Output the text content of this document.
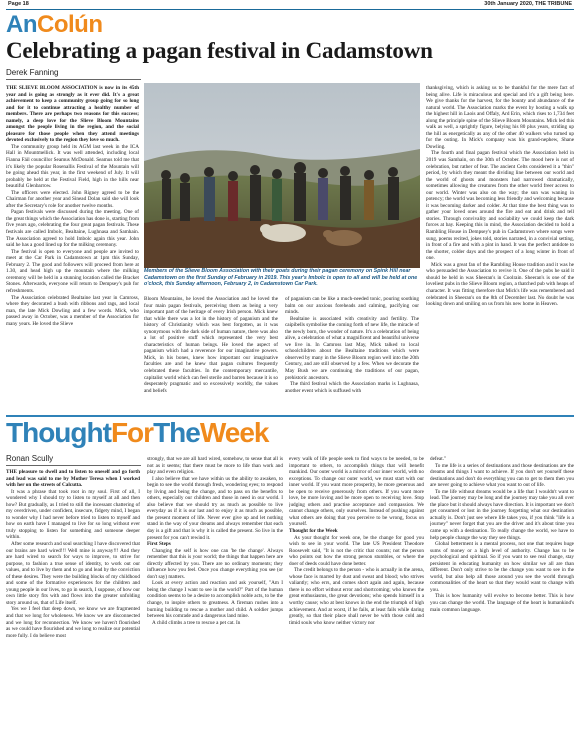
Page 18	30th January 2020, THE TRIBUNE
AnColún
Celebrating a pagan festival in Cadamstown
Derek Fanning

THE SLIEVE BLOOM ASSOCIATION is now in its 45th year and is going as strongly as it ever did. It's a great achievement to keep a community group going for so long and for it to continue attracting a healthy number of members. There are perhaps two reasons for this success; namely, a deep love for the Slieve Bloom Mountains amongst the people living in the region, and the social pleasure for those people when they attend meetings devoted exclusively to the region they love so much.

The community group held its AGM last week in the ICA Hall in Mountmellick. It was well attended, including local Fianna Fáil councillor Seamus McDonald. Seamus told me that it's likely the popular Rosenallis Festival of the Mountain will be going ahead this year, in the first weekend of July. It will probably be held at the Festival Field, high in the hills near beautiful Glenbarrow.

The officers were elected. John Rigney agreed to be the Chairman for another year and Sinead Dolan said she will look after the Secretary's role for another twelve months.

Pagan festivals were discussed during the meeting. One of the great things which the Association has done is, starting from five years ago, celebrating the four great pagan festivals. These festivals are called Imbolc, Bealtaine, Lughnasa and Samhain. The Association agreed to hold Imbolc again this year. John said he has a good lined up for the milking ceremony.

The festival is open to everyone and people are invited to meet at the Car Park in Cadamstown at 1pm this Sunday, February 2. The good and followers will proceed from here at 1.30, and head high up the mountain where the milking ceremony will be held in a stunning location called the Bracket Stones. Afterwards, everyone will return to Dempsey's pub for refreshments.

The Association celebrated Bealtaine last year in Camross, where they decorated a bush with ribbons and rags, and local man, the late Mick Dowling and a few words. Mick, who passed away in October, was a member of the Association for many years. He loved the Slieve

Members of the Slieve Bloom Association with their goats during their pagan ceremony on Spink Hill near Cadamstown on the first Sunday of February in 2019. This year's Imbolc is open to all and will be held at one o'clock, this Sunday afternoon, February 2, in Cadamstown Car Park.

Bloom Mountains, he loved the Association and he loved the four main pagan festivals, perceiving them as being a very important part of the heritage of every Irish person. Mick knew that while there was a lot in the history of paganism and the history of Christianity which was best forgotten, as it was synonymous with the dark side of human nature, there was also a lot of positive stuff which represented the very best characteristics of human beings. He loved the aspect of paganism which had a reverence for our imaginative powers. Mick, in his bones, knew how important our imaginative faculties are and he knew that pagan cultures frequently celebrated these faculties. In the contemporary mercantile, capitalist world which can feel sterile and barren because it is so desperately pragmatic and so excessively worldly, the values and beliefs

of paganism can be like a much-needed tonic, pouring soothing balm on our anxious foreheads and calming, pacifying our minds.

Bealtaine is associated with creativity and fertility. The caipibells symbolise the coming forth of new life, the miracle of the newly born, the wonder of nature. It's a celebration of being alive, a celebration of what a magnificent and beautiful universe we live in. In Camross last May, Mick talked to local schoolchildren about the Bealtaine traditions which were observed by many in the Slieve Bloom region well into the 20th Century, and are still observed by a few. When we decorate the May Bush we are continuing the traditions of our pagan, prehistoric ancestors.

The third festival which the Association marks is Lughnasa, another event which is suffused with

thanksgiving, which is asking us to be thankful for the mere fact of being alive. Life is miraculous and special and it's a gift being here. We give thanks for the harvest, for the bounty and abundance of the natural world. The Association marks the event by hosting a walk up the highest hill in Laois and Offaly, Ard Erin, which rises to 1,734 feet along the principle spine of the Slieve Bloom Mountains. Mick led this walk as well, a sprightly figure, belying his 80 plus years, striding up the hill as energetically as any of the other 40 walkers who turned up for the outing. In Mick's company was his grand-nephew, Shane Dowling.

The fourth and final pagan festival which the Association held in 2019 was Samhain, on the 30th of October. The mood here is not of celebration, but rather of fear. The ancient Celts considered it a "thin" period, by which they meant the dividing line between our world and the world of ghosts and monsters had narrowed dramatically, sometimes allowing the creatures from the other world freer access to our world. Winter was also on the way; the sun was waning in potency; the world was becoming less friendly and welcoming because it was becoming darker and colder. At that time the best thing was to gather your loved ones around the fire and eat and drink and tell stories. Through convivality and sociability we could keep the dark forces at bay. Keeping this in mind, the Association decided to hold a Rambling House in Dempsey's pub in Cadamstown where songs were sung, poems recited, jokes told, stories narrated, in a convivial setting, in front of a fire and with a pint in hand. It was the perfect antidote to the shorter, colder days and the prospect of a long winter in front of one.

Mick was a great fan of the Rambling House tradition and it was he who persuaded the Association to revive it. One of the pubs he said it should be held in was Sheeran's in Coolrain. Sheeran's is one of the loveliest pubs in the Slieve Bloom region, a thatched pub with heaps of character. It was fitting therefore that Mick's life was remembered and celebrated in Sheeran's on the 8th of December last. No doubt he was looking down and smiling on us from his new home in Heaven.

ThoughtForTheWeek
Ronan Scully

THE pleasure to dwell and to listen to oneself and go forth and lead was said to me by Mother Teresa when I worked with her on the streets of Calcutta.

It was a phrase that took root in my soul. First of all, I wondered why I should try to listen to myself at all and then how? But gradually, as I tried to still the incessant chattering of my overdriven, under confident, insecure, fidgety mind, I began to wonder why I had never before tried to listen to myself and how on earth have I managed to live for so long without ever truly stopping to listen for something and someone deeper within.

After some research and soul searching I have discovered that our brains are hard wired!!! Well mine is anyway!!! And they are hard wired to search for ways to improve, to strive for purpose, to fashion a true sense of identity, to work out our values, and to live by them and to go and lead by the conviction of these desires. They were the building blocks of my childhood and some of the formative experiences for the children and young people in our lives, to go in search, I suppose, of how our own little story fits with and flows into the greater unfolding story around us, that of Life itself.

Yes we I feel that deep down, we know we are fragmented and that we long for wholeness. We know we are disconnected and we long for reconnection. We know we haven't flourished as we could have flourished and we long to realize our potential more fully. I do believe most

strongly, that we are all hard wired, somehow, to sense that all is not as it seems; that there must be more to life than work and play and even religion.

I also believe that we have within us the ability to awaken, to begin to see the world through fresh, wondering eyes; to respond by living and being the change, and to pass on the benefits to others, especially our children and those in need in our world. I also believe that we should try as much as possible to live everyday as if it is our last and to enjoy it as much as possible, the present moment of life. Never ever give up and let nothing stand in the way of your dreams and always remember that each day is a gift and that is why it is called the present. So live in the present for you can't rewind it.

First Steps

Changing the self is how one can 'be the change'. Always remember that this is your world; the things that happen here are directly affected by you. There are no ordinary moments; they influence how you feel. Once you change everything you see (or don't say) matters.

Look at every action and reaction and ask yourself, "Am I being the change I want to see in the world?" Part of the human condition seems to be a desire to accomplish noble acts, to be the change, to inspire others to greatness. A fireman rushes into a burning building to rescue a mother and child. A soldier jumps between his comrade and a dangerous land mine.

A child climbs a tree to rescue a pet cat. In

every walk of life people seek to find ways to be needed, to be important to others, to accomplish things that will benefit mankind. Our outer world is a mirror of our inner world, with no exceptions. To change our outer world, we must start with our inner world. If you want more prosperity, be more generous and be open to receive generously from others. If you want more love, be more loving and be more open to receiving love. Stop judging others and practise acceptance and compassion. We cannot change others, only ourselves. Instead of pushing against what others are doing that you perceive to be wrong, focus on yourself.

Thought for the Week

As your thought for week one, be the change for good you wish to see in your world. The late US President Theodore Roosevelt said, "It is not the critic that counts; not the person who points out how the strong person stumbles, or where the doer of deeds could have done better.

The credit belongs to the person - who is actually in the arena, whose face is marred by dust and sweat and blood; who strives valiantly; who errs, and comes short again and again, because there is no effort without error and shortcoming; who knows the great enthusiasms, the great devotions; who spends himself in a worthy cause; who at best knows in the end the triumph of high achievement. And at worst, if he fails, at least fails while daring greatly, so that their place shall never be with those cold and timid souls who know neither victory nor

defeat."

To me life is a series of destinations and those destinations are the dreams and things I want to achieve. If you don't set yourself these destinations and don't do everything you can to get to them then you are never going to achieve what you want to out of life.

To me life without dreams would be a life that I wouldn't want to lead. The journey may be long and the journey may take you all over the place but it should always have direction. It is important we don't get consumed or lost in the journey forgetting what our destination actually is. Don't just see where life takes you, if you think "life is a journey" never forget that you are the driver and it's about time you came up with a destination. To really change the world, we have to help people change the way they see things.

Global betterment is a mental process, not one that requires huge sums of money or a high level of authority. Change has to be psychological and spiritual. So if you want to see real change, stay persistent in educating humanity on how similar we all are than different. Don't only strive to be the change you want to see in the world, but also help all those around you see the world through commonalities of the heart so that they would want to change with you.

This is how humanity will evolve to become better. This is how you can change the world. The language of the heart is humankind's main common language.
